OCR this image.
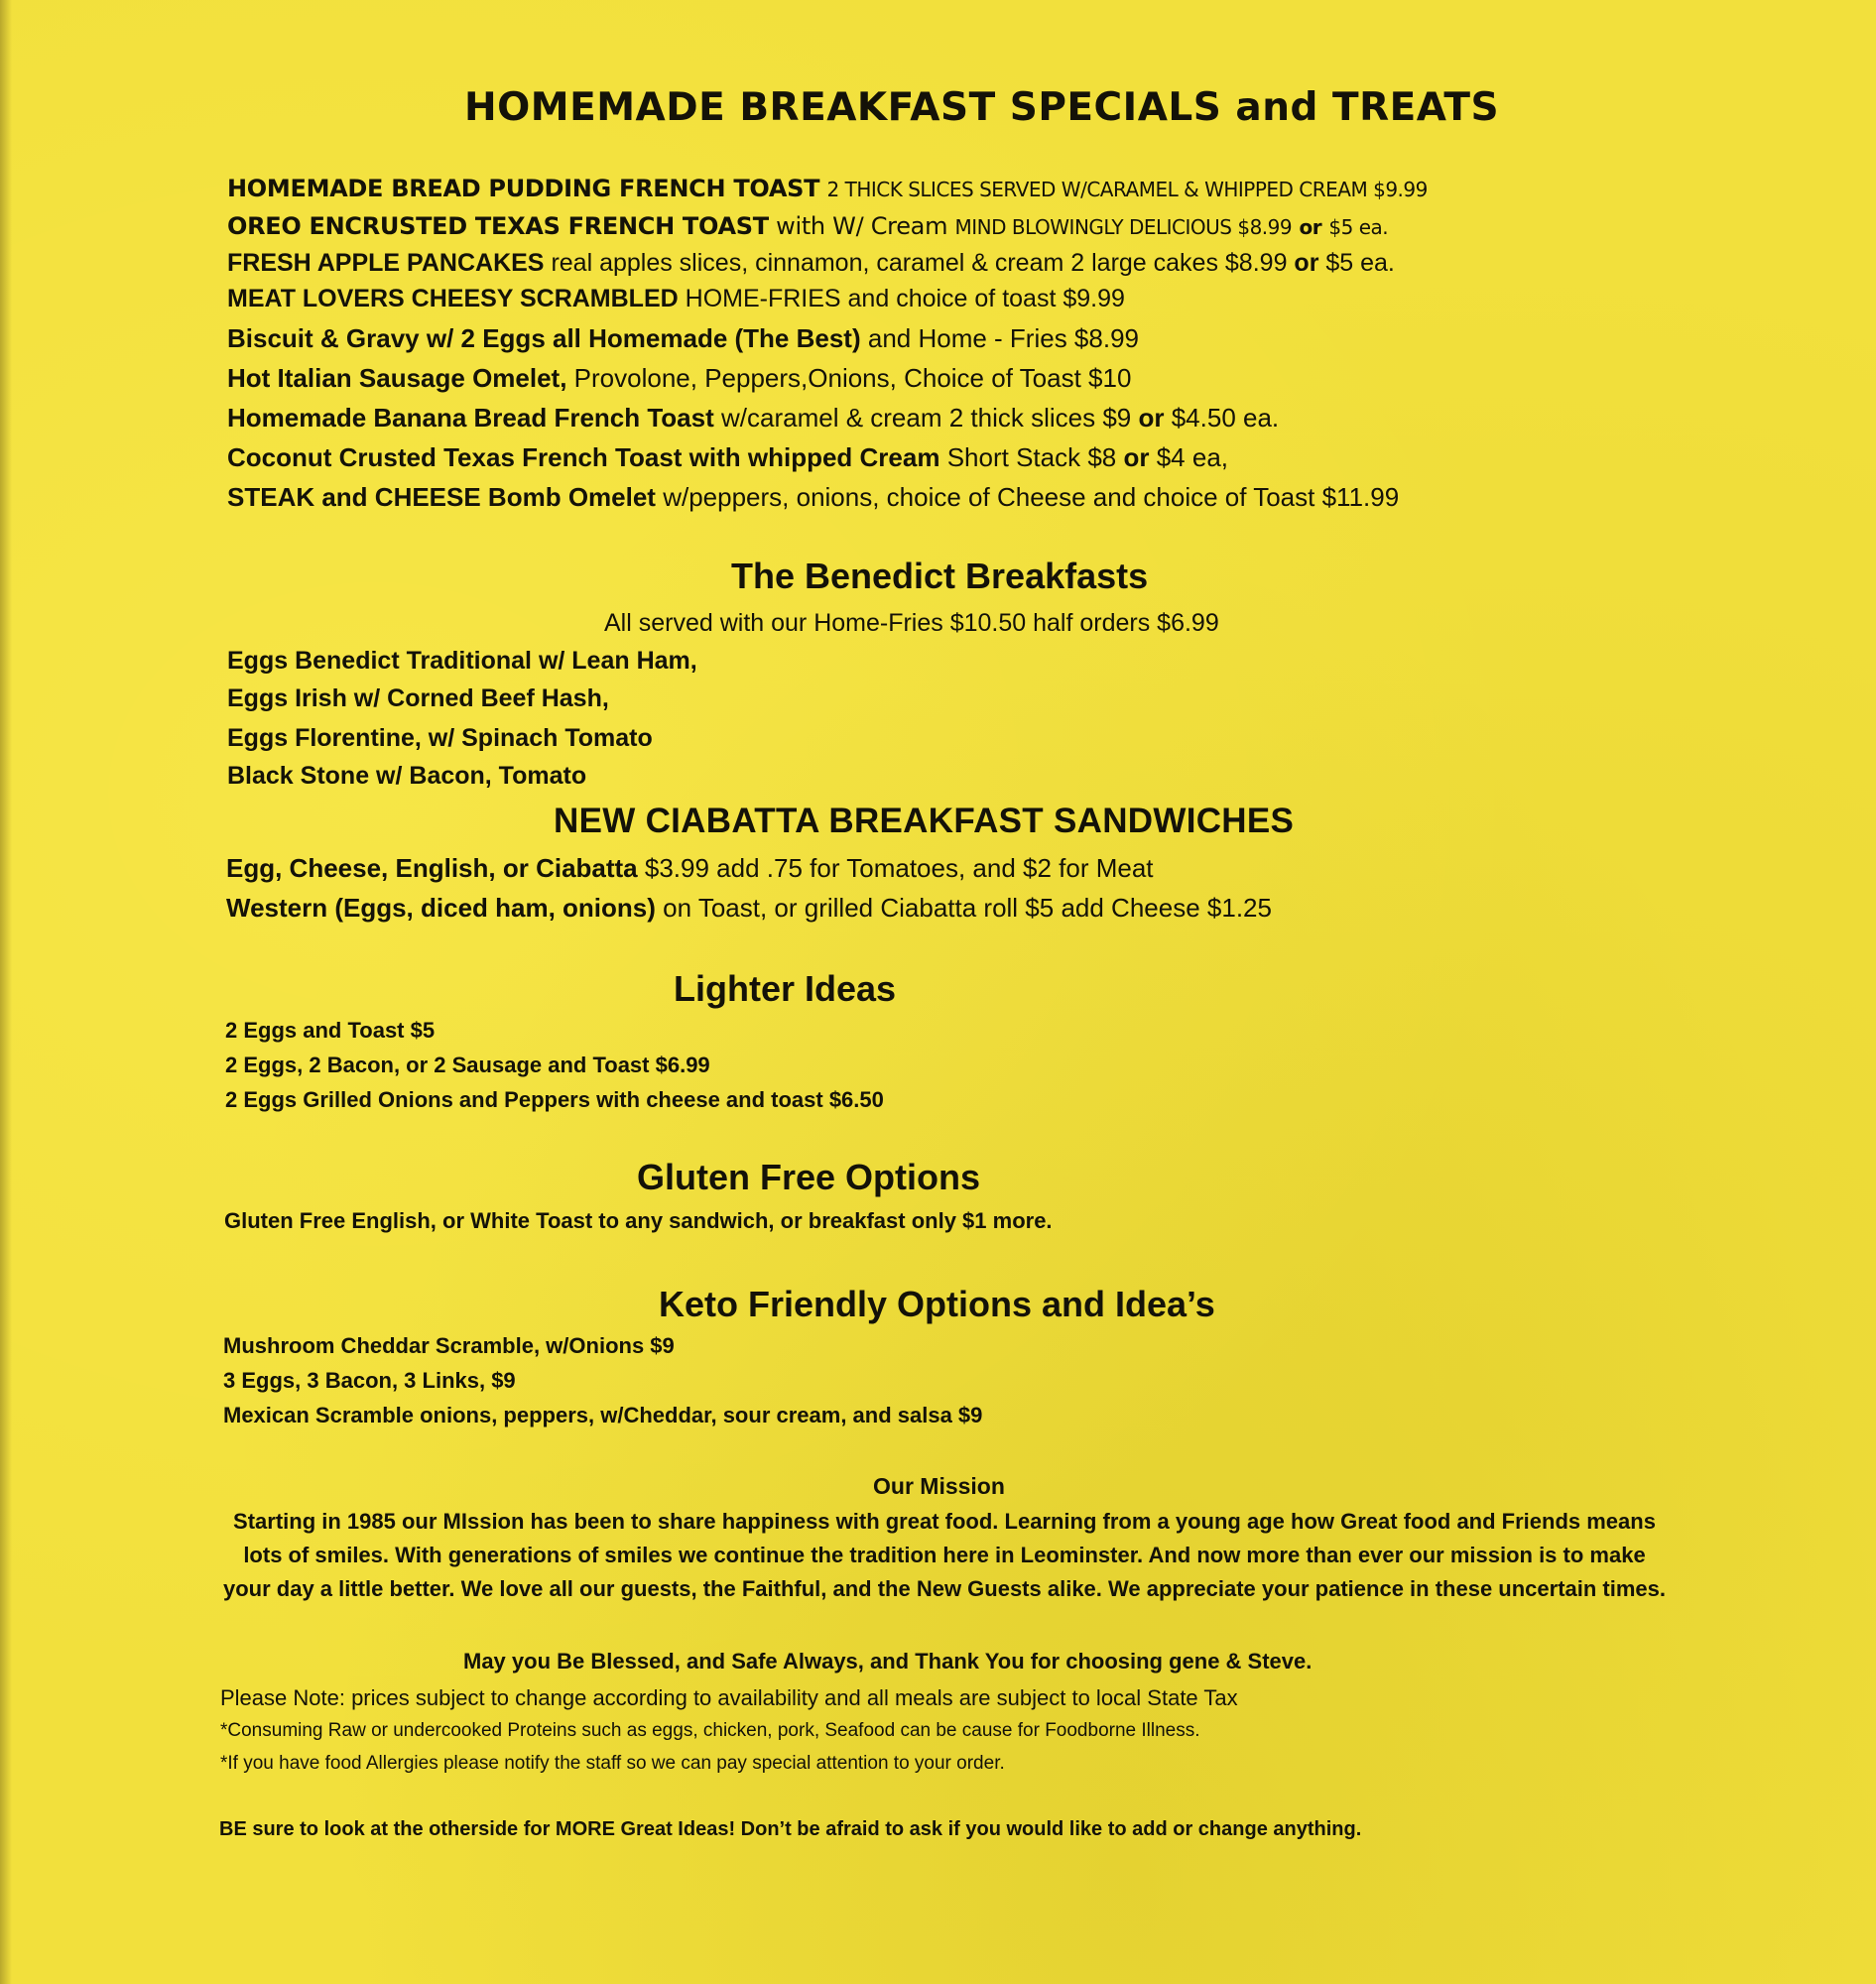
HOMEMADE BREAKFAST SPECIALS and TREATS
HOMEMADE BREAD PUDDING FRENCH TOAST 2 THICK SLICES SERVED W/CARAMEL & WHIPPED CREAM $9.99
OREO ENCRUSTED TEXAS FRENCH TOAST with W/ Cream MIND BLOWINGLY DELICIOUS $8.99 or $5 ea.
FRESH APPLE PANCAKES real apples slices, cinnamon, caramel & cream 2 large cakes $8.99 or $5 ea.
MEAT LOVERS CHEESY SCRAMBLED HOME-FRIES and choice of toast $9.99
Biscuit & Gravy w/ 2 Eggs all Homemade (The Best) and Home - Fries $8.99
Hot Italian Sausage Omelet, Provolone, Peppers,Onions, Choice of Toast $10
Homemade Banana Bread French Toast w/caramel & cream 2 thick slices $9 or $4.50 ea.
Coconut Crusted Texas French Toast with whipped Cream Short Stack $8 or $4 ea,
STEAK and CHEESE Bomb Omelet w/peppers, onions, choice of Cheese and choice of Toast $11.99
The Benedict Breakfasts
All served with our Home-Fries $10.50 half orders $6.99
Eggs Benedict Traditional w/ Lean Ham,
Eggs Irish w/ Corned Beef Hash,
Eggs Florentine, w/ Spinach Tomato
Black Stone w/ Bacon, Tomato
NEW CIABATTA BREAKFAST SANDWICHES
Egg, Cheese, English, or Ciabatta $3.99 add .75 for Tomatoes, and $2 for Meat
Western (Eggs, diced ham, onions) on Toast, or grilled Ciabatta roll $5 add Cheese $1.25
Lighter Ideas
2 Eggs and Toast $5
2 Eggs, 2 Bacon, or 2 Sausage and Toast $6.99
2 Eggs Grilled Onions and Peppers with cheese and toast $6.50
Gluten Free Options
Gluten Free English, or White Toast to any sandwich, or breakfast only $1 more.
Keto Friendly Options and Idea’s
Mushroom Cheddar Scramble, w/Onions $9
3 Eggs, 3 Bacon, 3 Links, $9
Mexican Scramble onions, peppers, w/Cheddar, sour cream, and salsa $9
Our Mission
Starting in 1985 our MIssion has been to share happiness with great food. Learning from a young age how Great food and Friends means lots of smiles. With generations of smiles we continue the tradition here in Leominster. And now more than ever our mission is to make your day a little better. We love all our guests, the Faithful, and the New Guests alike. We appreciate your patience in these uncertain times.
May you Be Blessed, and Safe Always, and Thank You for choosing gene & Steve.
Please Note: prices subject to change according to availability and all meals are subject to local State Tax
*Consuming Raw or undercooked Proteins such as eggs, chicken, pork, Seafood can be cause for Foodborne Illness.
*If you have food Allergies please notify the staff so we can pay special attention to your order.
BE sure to look at the otherside for MORE Great Ideas! Don’t be afraid to ask if you would like to add or change anything.
